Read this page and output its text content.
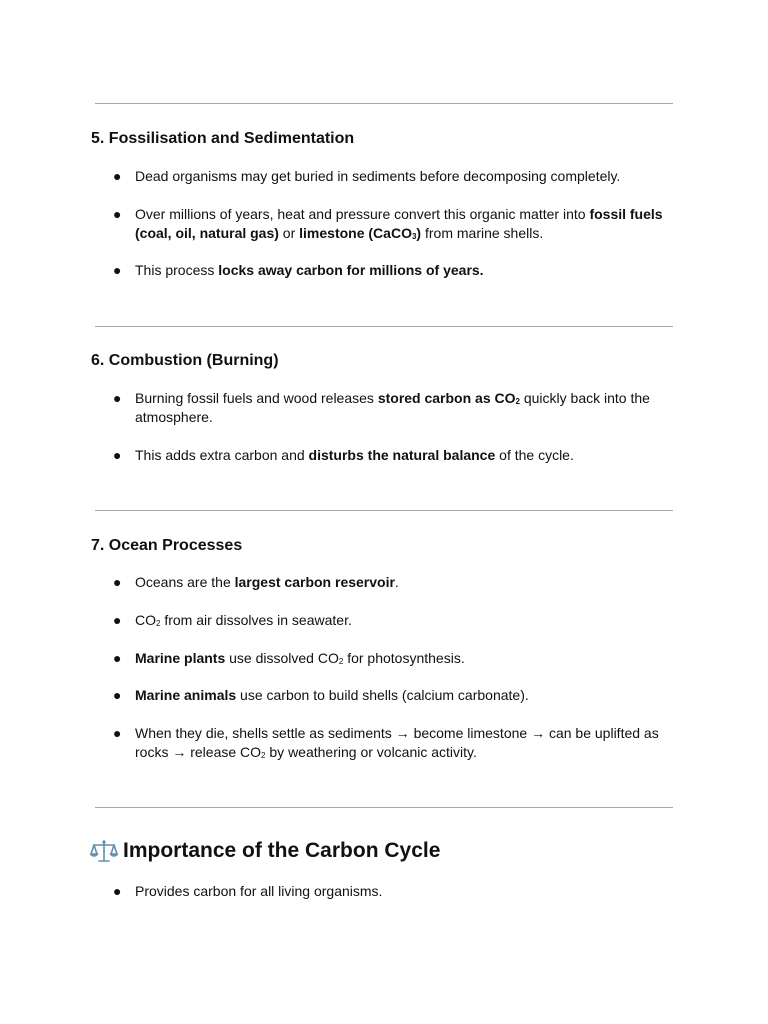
5. Fossilisation and Sedimentation
● Dead organisms may get buried in sediments before decomposing completely.
● Over millions of years, heat and pressure convert this organic matter into fossil fuels (coal, oil, natural gas) or limestone (CaCO$_3$) from marine shells.
● This process locks away carbon for millions of years.
6. Combustion (Burning)
● Burning fossil fuels and wood releases stored carbon as $CO_2$ quickly back into the atmosphere.
● This adds extra carbon and disturbs the natural balance of the cycle.
7. Ocean Processes
● Oceans are the largest carbon reservoir.
● $CO_2$ from air dissolves in seawater.
● Marine plants use dissolved $CO_2$ for photosynthesis.
● Marine animals use carbon to build shells (calcium carbonate).
● When they die, shells settle as sediments → become limestone → can be uplifted as rocks → release $CO_2$ by weathering or volcanic activity.
Importance of the Carbon Cycle
● Provides carbon for all living organisms.
